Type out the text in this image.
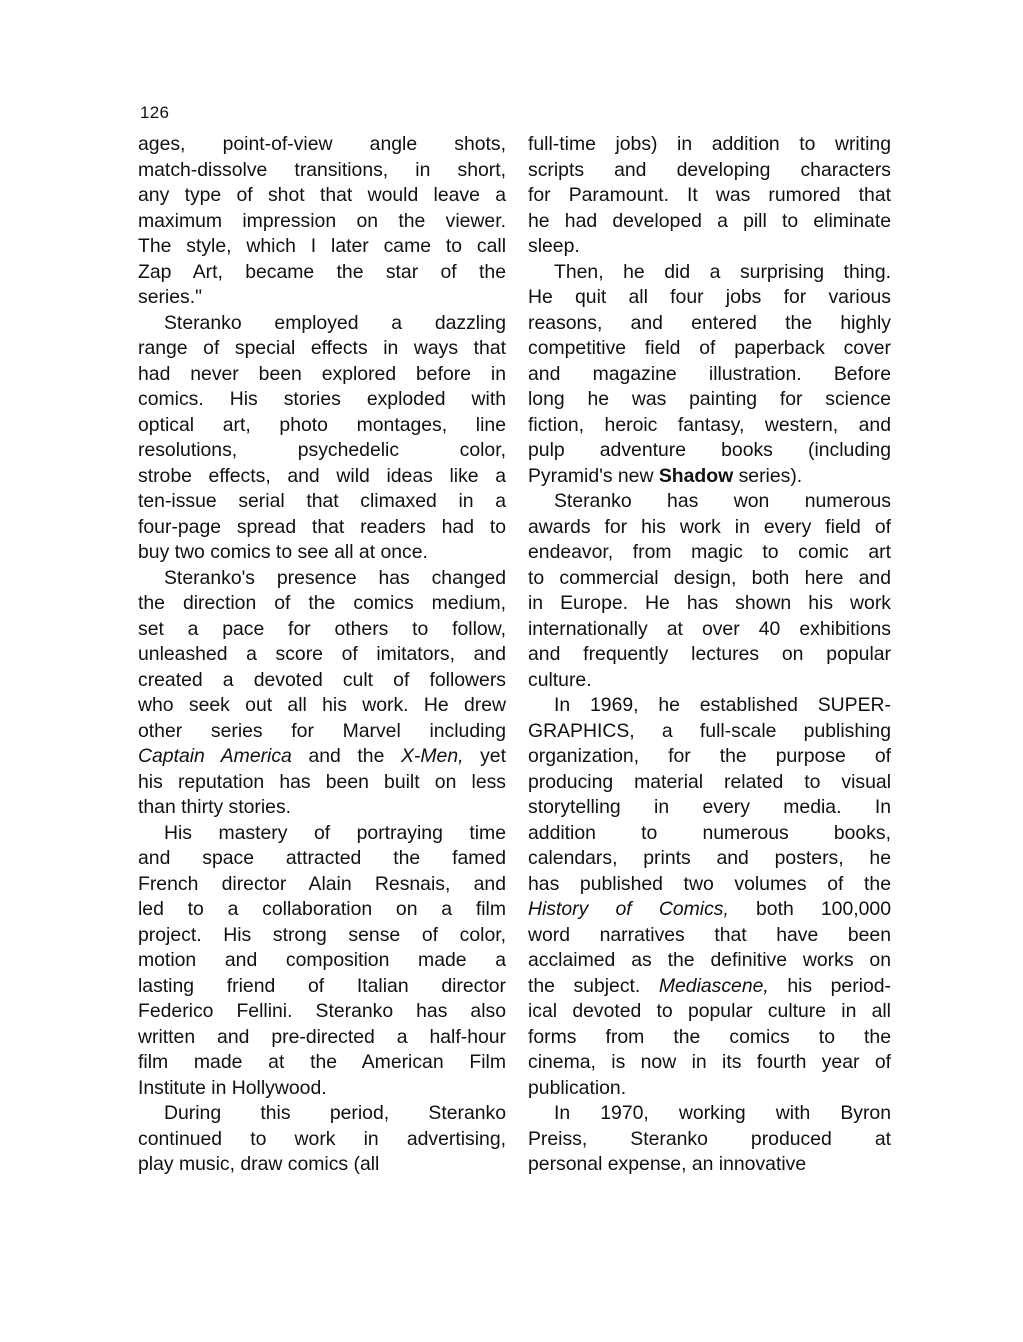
126
ages, point-of-view angle shots,
match-dissolve transitions, in short,
any type of shot that would leave a
maximum impression on the viewer.
The style, which I later came to call
Zap Art, became the star of the
series."
Steranko employed a dazzling
range of special effects in ways that
had never been explored before in
comics. His stories exploded with
optical art, photo montages, line
resolutions, psychedelic color,
strobe effects, and wild ideas like a
ten-issue serial that climaxed in a
four-page spread that readers had to
buy two comics to see all at once.
Steranko's presence has changed
the direction of the comics medium,
set a pace for others to follow,
unleashed a score of imitators, and
created a devoted cult of followers
who seek out all his work. He drew
other series for Marvel including
Captain America and the X-Men, yet
his reputation has been built on less
than thirty stories.
His mastery of portraying time
and space attracted the famed
French director Alain Resnais, and
led to a collaboration on a film
project. His strong sense of color,
motion and composition made a
lasting friend of Italian director
Federico Fellini. Steranko has also
written and pre-directed a half-hour
film made at the American Film
Institute in Hollywood.
During this period, Steranko
continued to work in advertising,
play music, draw comics (all
full-time jobs) in addition to writing
scripts and developing characters
for Paramount. It was rumored that
he had developed a pill to eliminate
sleep.
Then, he did a surprising thing.
He quit all four jobs for various
reasons, and entered the highly
competitive field of paperback cover
and magazine illustration. Before
long he was painting for science
fiction, heroic fantasy, western, and
pulp adventure books (including
Pyramid's new Shadow series).
Steranko has won numerous
awards for his work in every field of
endeavor, from magic to comic art
to commercial design, both here and
in Europe. He has shown his work
internationally at over 40 exhibitions
and frequently lectures on popular
culture.
In 1969, he established SUPER-
GRAPHICS, a full-scale publishing
organization, for the purpose of
producing material related to visual
storytelling in every media. In
addition to numerous books,
calendars, prints and posters, he
has published two volumes of the
History of Comics, both 100,000
word narratives that have been
acclaimed as the definitive works on
the subject. Mediascene, his period-
ical devoted to popular culture in all
forms from the comics to the
cinema, is now in its fourth year of
publication.
In 1970, working with Byron
Preiss, Steranko produced at
personal expense, an innovative
